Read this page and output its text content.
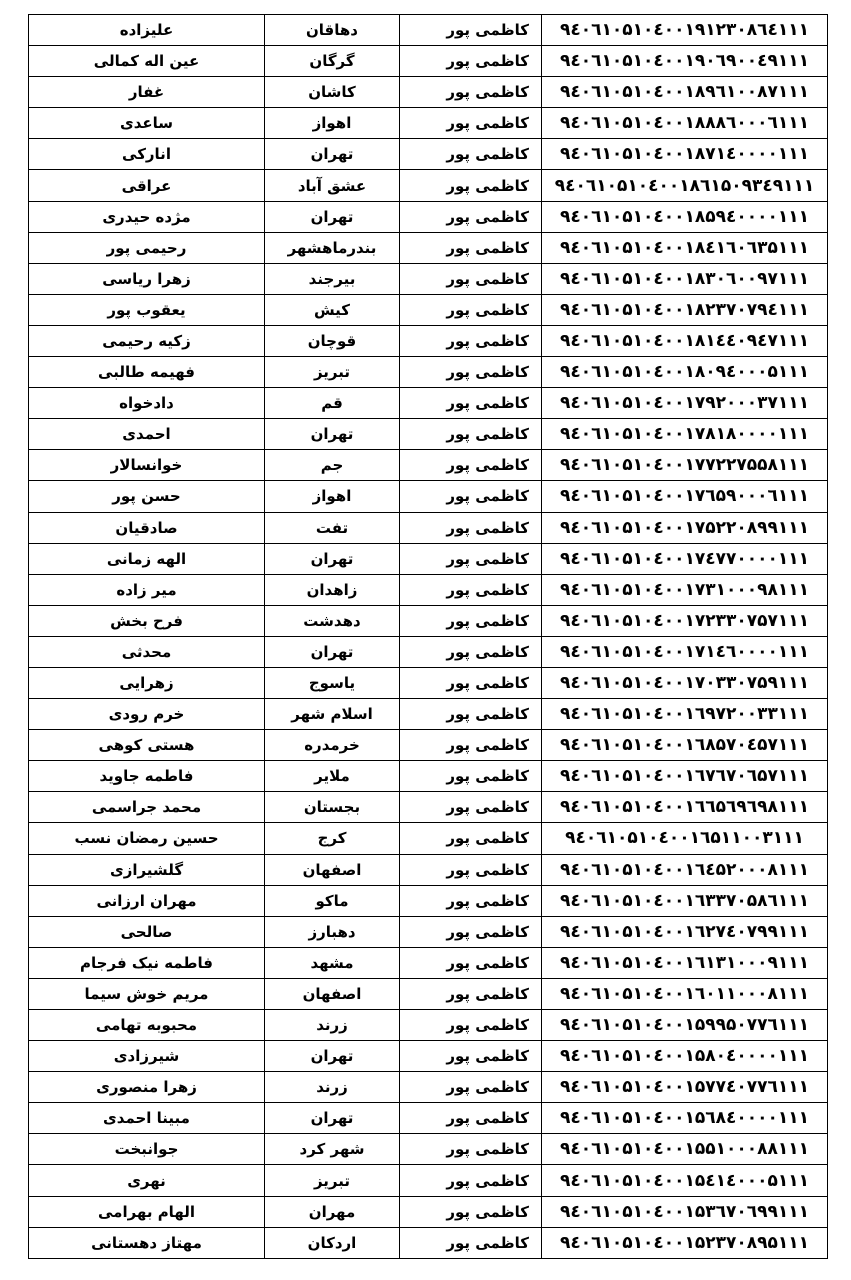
۹٤۰٦۱۰۵۱۰٤۰۰۱۹۱۲۳۰۸٦٤۱۱۱	کاظمی پور	دهاقان	علیزاده
۹٤۰٦۱۰۵۱۰٤۰۰۱۹۰٦۹۰۰٤۹۱۱۱	کاظمی پور	گرگان	عین اله کمالی
۹٤۰٦۱۰۵۱۰٤۰۰۱۸۹٦۱۰۰۸۷۱۱۱	کاظمی پور	کاشان	غفار
۹٤۰٦۱۰۵۱۰٤۰۰۱۸۸۸٦۰۰۰٦۱۱۱	کاظمی پور	اهواز	ساعدی
۹٤۰٦۱۰۵۱۰٤۰۰۱۸۷۱٤۰۰۰۰۱۱۱	کاظمی پور	تهران	انارکی
۹٤۰٦۱۰۵۱۰٤۰۰۱۸٦۱۵۰۹۳٤۹۱۱۱	کاظمی پور	عشق آباد	عراقی
۹٤۰٦۱۰۵۱۰٤۰۰۱۸۵۹٤۰۰۰۰۱۱۱	کاظمی پور	تهران	مژده حیدری
۹٤۰٦۱۰۵۱۰٤۰۰۱۸٤۱٦۰٦۳۵۱۱۱	کاظمی پور	بندرماهشهر	رحیمی پور
۹٤۰٦۱۰۵۱۰٤۰۰۱۸۳۰٦۰۰۹۷۱۱۱	کاظمی پور	بیرجند	زهرا ریاسی
۹٤۰٦۱۰۵۱۰٤۰۰۱۸۲۳۷۰۷۹٤۱۱۱	کاظمی پور	کیش	یعقوب پور
۹٤۰٦۱۰۵۱۰٤۰۰۱۸۱٤٤۰۹٤۷۱۱۱	کاظمی پور	قوچان	زکیه رحیمی
۹٤۰٦۱۰۵۱۰٤۰۰۱۸۰۹٤۰۰۰۵۱۱۱	کاظمی پور	تبریز	فهیمه طالبی
۹٤۰٦۱۰۵۱۰٤۰۰۱۷۹۲۰۰۰۳۷۱۱۱	کاظمی پور	قم	دادخواه
۹٤۰٦۱۰۵۱۰٤۰۰۱۷۸۱۸۰۰۰۰۱۱۱	کاظمی پور	تهران	احمدی
۹٤۰٦۱۰۵۱۰٤۰۰۱۷۷۲۲۷۵۵۸۱۱۱	کاظمی پور	جم	خوانسالار
۹٤۰٦۱۰۵۱۰٤۰۰۱۷٦۵۹۰۰۰٦۱۱۱	کاظمی پور	اهواز	حسن پور
۹٤۰٦۱۰۵۱۰٤۰۰۱۷۵۲۲۰۸۹۹۱۱۱	کاظمی پور	تفت	صادقیان
۹٤۰٦۱۰۵۱۰٤۰۰۱۷٤۷۷۰۰۰۰۱۱۱	کاظمی پور	تهران	الهه زمانی
۹٤۰٦۱۰۵۱۰٤۰۰۱۷۳۱۰۰۰۹۸۱۱۱	کاظمی پور	زاهدان	میر زاده
۹٤۰٦۱۰۵۱۰٤۰۰۱۷۲۳۳۰۷۵۷۱۱۱	کاظمی پور	دهدشت	فرح بخش
۹٤۰٦۱۰۵۱۰٤۰۰۱۷۱٤٦۰۰۰۰۱۱۱	کاظمی پور	تهران	محدثی
۹٤۰٦۱۰۵۱۰٤۰۰۱۷۰۳۳۰۷۵۹۱۱۱	کاظمی پور	یاسوج	زهرایی
۹٤۰٦۱۰۵۱۰٤۰۰۱٦۹۷۲۰۰۳۳۱۱۱	کاظمی پور	اسلام شهر	خرم رودی
۹٤۰٦۱۰۵۱۰٤۰۰۱٦۸۵۷۰٤۵۷۱۱۱	کاظمی پور	خرمدره	هستی کوهی
۹٤۰٦۱۰۵۱۰٤۰۰۱٦۷٦۷۰٦۵۷۱۱۱	کاظمی پور	ملایر	فاطمه جاوید
۹٤۰٦۱۰۵۱۰٤۰۰۱٦٦۵٦۹٦۹۸۱۱۱	کاظمی پور	بجستان	محمد جراسمی
۹٤۰٦۱۰۵۱۰٤۰۰۱٦۵۱۱۰۰۳۱۱۱	کاظمی پور	کرج	حسین رمضان نسب
۹٤۰٦۱۰۵۱۰٤۰۰۱٦٤۵۲۰۰۰۸۱۱۱	کاظمی پور	اصفهان	گلشیرازی
۹٤۰٦۱۰۵۱۰٤۰۰۱٦۳۳۷۰۵۸٦۱۱۱	کاظمی پور	ماکو	مهران ارزانی
۹٤۰٦۱۰۵۱۰٤۰۰۱٦۲۷٤۰۷۹۹۱۱۱	کاظمی پور	دهبارز	صالحی
۹٤۰٦۱۰۵۱۰٤۰۰۱٦۱۳۱۰۰۰۹۱۱۱	کاظمی پور	مشهد	فاطمه نیک فرجام
۹٤۰٦۱۰۵۱۰٤۰۰۱٦۰۱۱۰۰۰۸۱۱۱	کاظمی پور	اصفهان	مریم خوش سیما
۹٤۰٦۱۰۵۱۰٤۰۰۱۵۹۹۵۰۷۷٦۱۱۱	کاظمی پور	زرند	محبوبه تهامی
۹٤۰٦۱۰۵۱۰٤۰۰۱۵۸۰٤۰۰۰۰۱۱۱	کاظمی پور	تهران	شیرزادی
۹٤۰٦۱۰۵۱۰٤۰۰۱۵۷۷٤۰۷۷٦۱۱۱	کاظمی پور	زرند	زهرا منصوری
۹٤۰٦۱۰۵۱۰٤۰۰۱۵٦۸٤۰۰۰۰۱۱۱	کاظمی پور	تهران	مبینا احمدی
۹٤۰٦۱۰۵۱۰٤۰۰۱۵۵۱۰۰۰۸۸۱۱۱	کاظمی پور	شهر کرد	جوانبخت
۹٤۰٦۱۰۵۱۰٤۰۰۱۵٤۱٤۰۰۰۵۱۱۱	کاظمی پور	تبریز	نهری
۹٤۰٦۱۰۵۱۰٤۰۰۱۵۳٦۷۰٦۹۹۱۱۱	کاظمی پور	مهران	الهام بهرامی
۹٤۰٦۱۰۵۱۰٤۰۰۱۵۲۳۷۰۸۹۵۱۱۱	کاظمی پور	اردکان	مهتاز دهستانی
